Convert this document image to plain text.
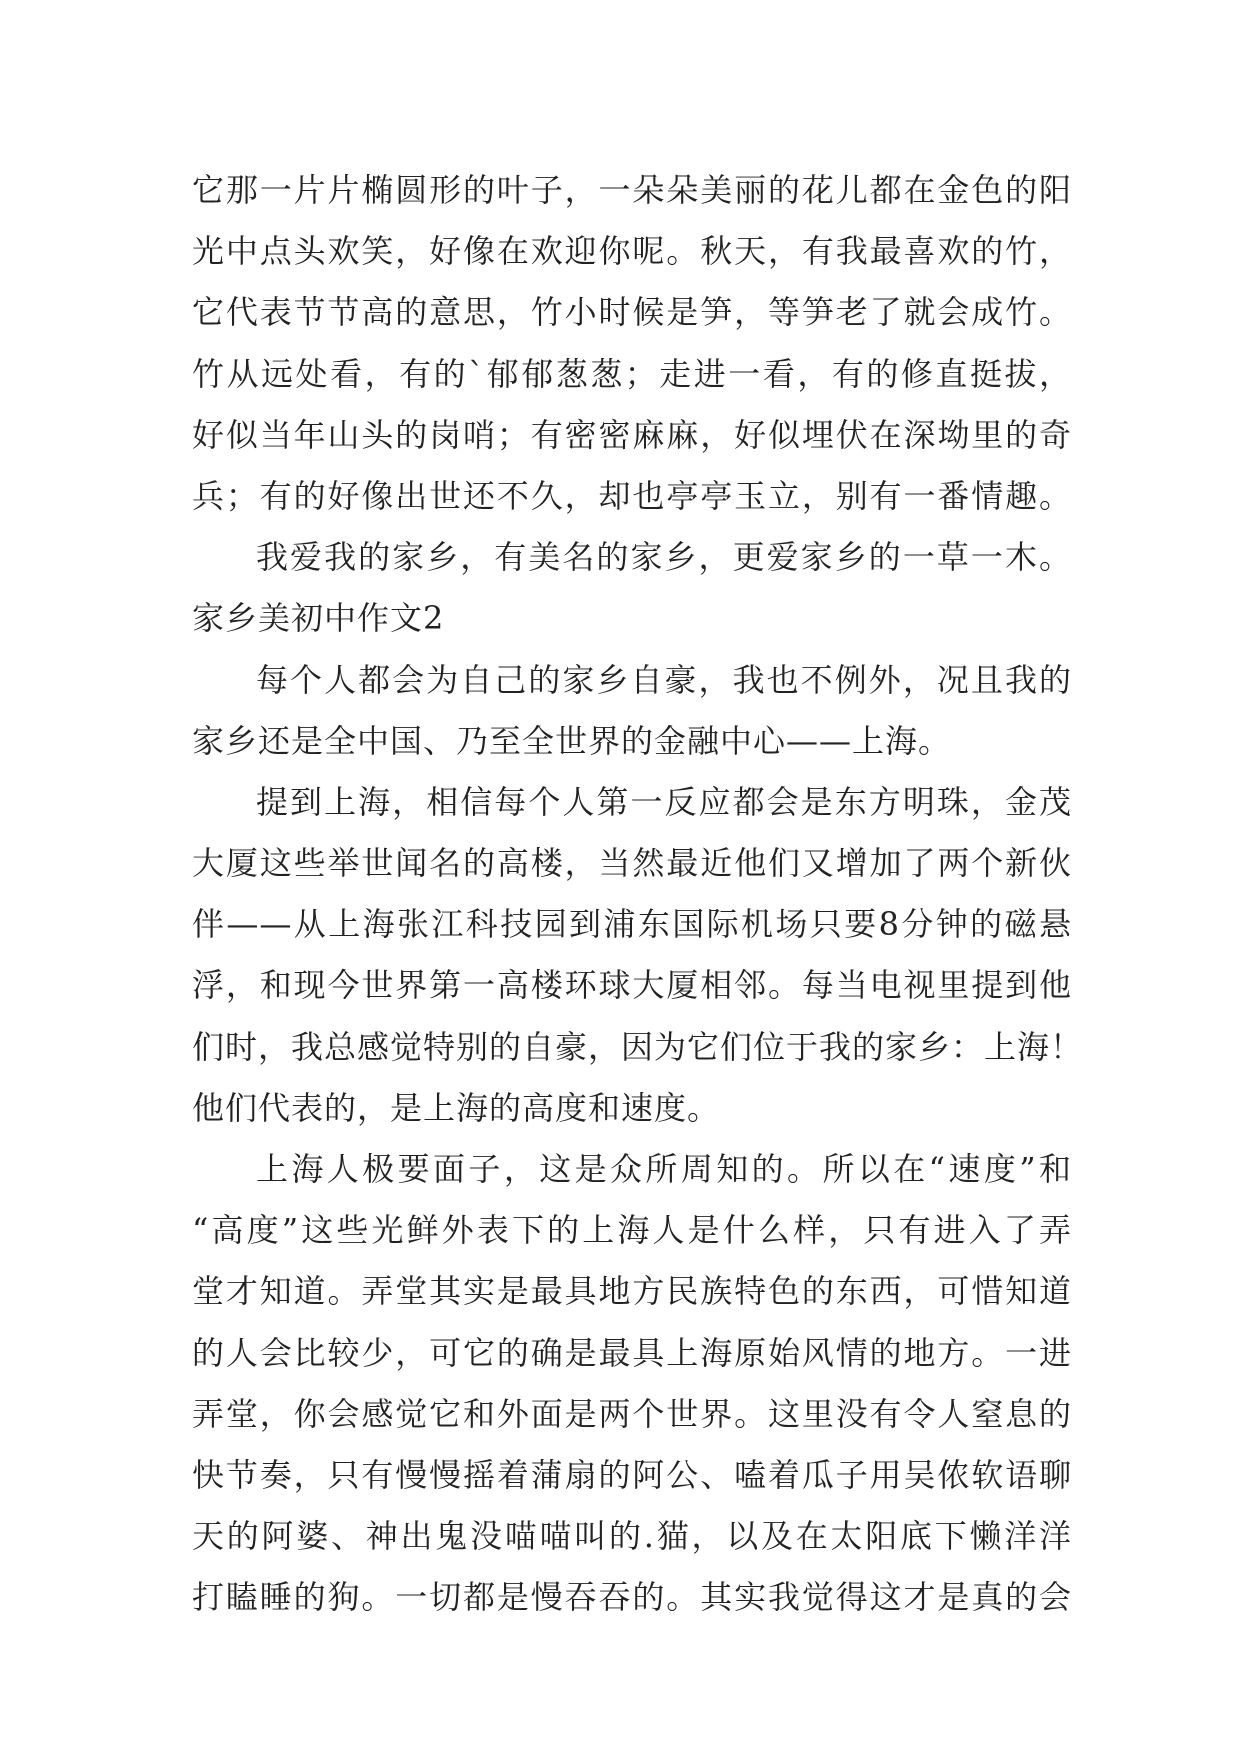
它那一片片椭圆形的叶子，一朵朵美丽的花儿都在金色的阳
光中点头欢笑，好像在欢迎你呢。秋天，有我最喜欢的竹，
它代表节节高的意思，竹小时候是笋，等笋老了就会成竹。
竹从远处看，有的`郁郁葱葱；走进一看，有的修直挺拔，
好似当年山头的岗哨；有密密麻麻，好似埋伏在深坳里的奇
兵；有的好像出世还不久，却也亭亭玉立，别有一番情趣。
我爱我的家乡，有美名的家乡，更爱家乡的一草一木。
家乡美初中作文2
每个人都会为自己的家乡自豪，我也不例外，况且我的
家乡还是全中国、乃至全世界的金融中心——上海。
提到上海，相信每个人第一反应都会是东方明珠，金茂
大厦这些举世闻名的高楼，当然最近他们又增加了两个新伙
伴——从上海张江科技园到浦东国际机场只要8分钟的磁悬
浮，和现今世界第一高楼环球大厦相邻。每当电视里提到他
们时，我总感觉特别的自豪，因为它们位于我的家乡：上海！
他们代表的，是上海的高度和速度。
上海人极要面子，这是众所周知的。所以在“速度”和
“高度”这些光鲜外表下的上海人是什么样，只有进入了弄
堂才知道。弄堂其实是最具地方民族特色的东西，可惜知道
的人会比较少，可它的确是最具上海原始风情的地方。一进
弄堂，你会感觉它和外面是两个世界。这里没有令人窒息的
快节奏，只有慢慢摇着蒲扇的阿公、嗑着瓜子用吴侬软语聊
天的阿婆、神出鬼没喵喵叫的.猫，以及在太阳底下懒洋洋
打瞌睡的狗。一切都是慢吞吞的。其实我觉得这才是真的会
